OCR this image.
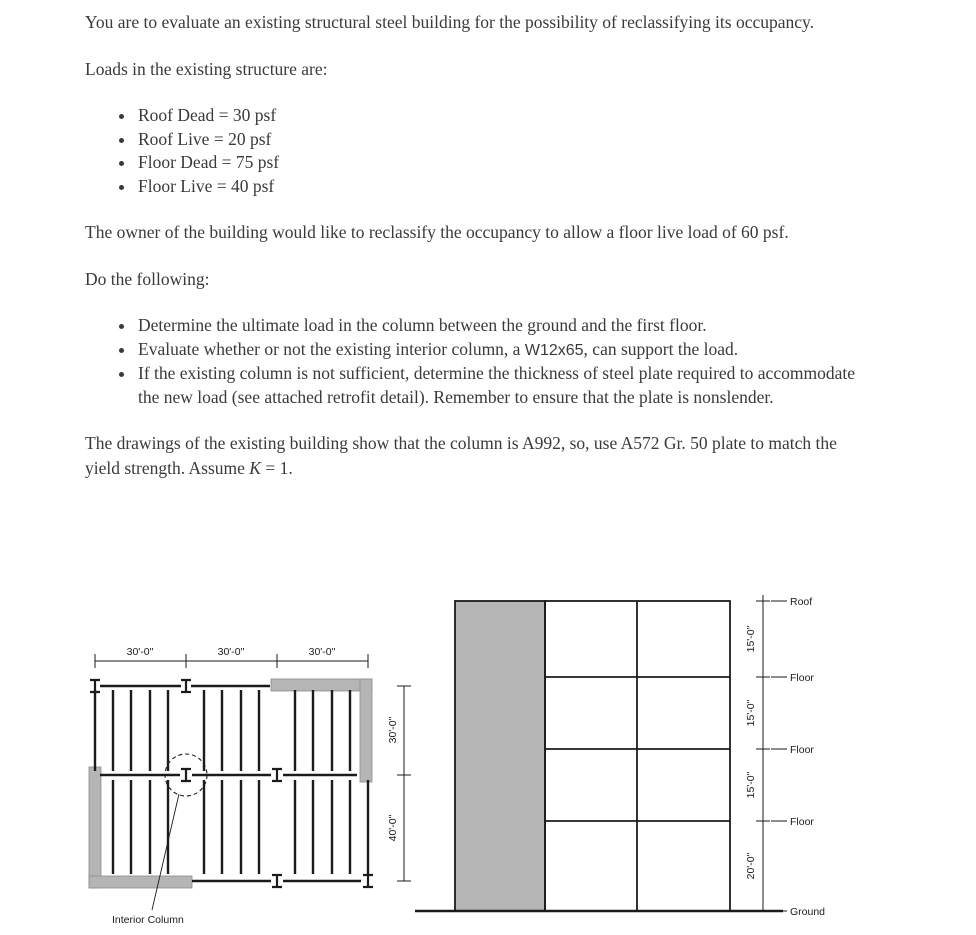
You are to evaluate an existing structural steel building for the possibility of reclassifying its occupancy.

Loads in the existing structure are:

• Roof Dead = 30 psf
• Roof Live = 20 psf
• Floor Dead = 75 psf
• Floor Live = 40 psf

The owner of the building would like to reclassify the occupancy to allow a floor live load of 60 psf.

Do the following:

• Determine the ultimate load in the column between the ground and the first floor.
• Evaluate whether or not the existing interior column, a W12x65, can support the load.
• If the existing column is not sufficient, determine the thickness of steel plate required to accommodate the new load (see attached retrofit detail). Remember to ensure that the plate is nonslender.

The drawings of the existing building show that the column is A992, so, use A572 Gr. 50 plate to match the yield strength. Assume K = 1.

30'-0"	30'-0"	30'-0"
Interior Column
30'-0"
40'-0"
15'-0"
15'-0"
15'-0"
20'-0"
Roof
Floor
Floor
Floor
Ground
